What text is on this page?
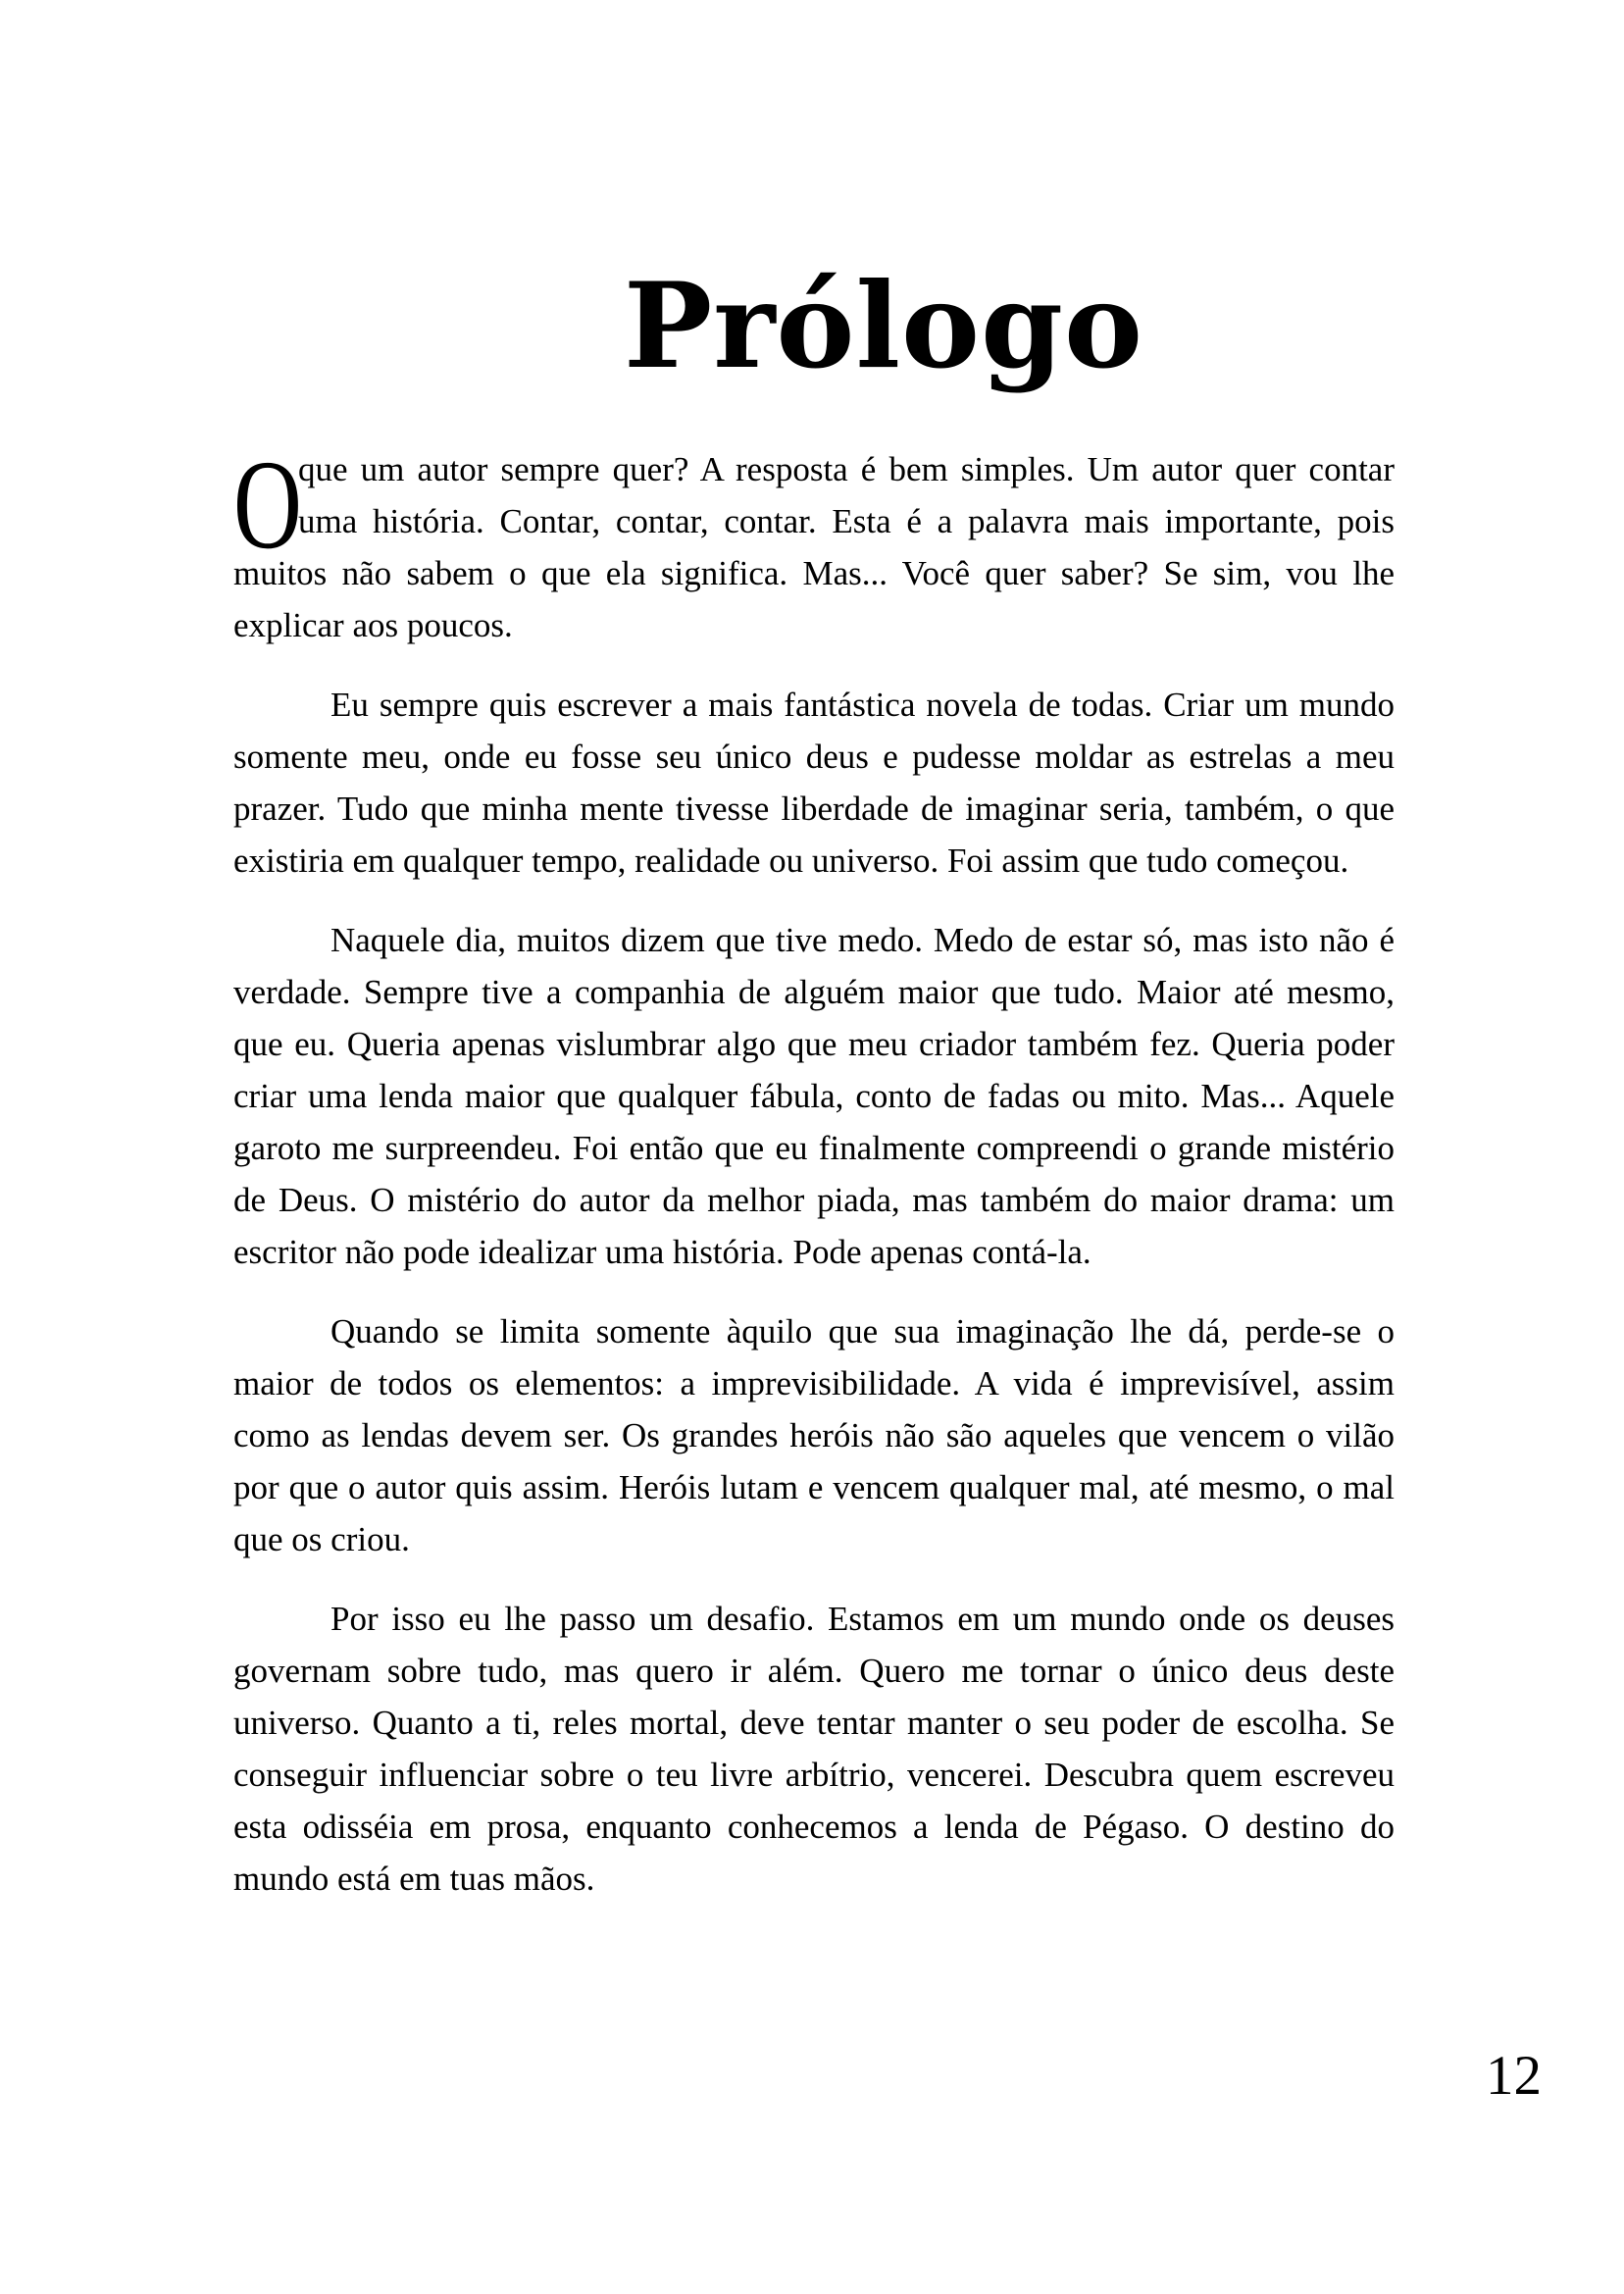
Prólogo

O
que um autor sempre quer? A resposta é bem simples. Um autor quer contar uma história. Contar, contar, contar. Esta é a palavra mais importante, pois muitos não sabem o que ela significa. Mas... Você quer saber? Se sim, vou lhe explicar aos poucos.

Eu sempre quis escrever a mais fantástica novela de todas. Criar um mundo somente meu, onde eu fosse seu único deus e pudesse moldar as estrelas a meu prazer. Tudo que minha mente tivesse liberdade de imaginar seria, também, o que existiria em qualquer tempo, realidade ou universo. Foi assim que tudo começou.

Naquele dia, muitos dizem que tive medo. Medo de estar só, mas isto não é verdade. Sempre tive a companhia de alguém maior que tudo. Maior até mesmo, que eu. Queria apenas vislumbrar algo que meu criador também fez. Queria poder criar uma lenda maior que qualquer fábula, conto de fadas ou mito. Mas... Aquele garoto me surpreendeu. Foi então que eu finalmente compreendi o grande mistério de Deus. O mistério do autor da melhor piada, mas também do maior drama: um escritor não pode idealizar uma história. Pode apenas contá-la.

Quando se limita somente àquilo que sua imaginação lhe dá, perde-se o maior de todos os elementos: a imprevisibilidade. A vida é imprevisível, assim como as lendas devem ser. Os grandes heróis não são aqueles que vencem o vilão por que o autor quis assim. Heróis lutam e vencem qualquer mal, até mesmo, o mal que os criou.

Por isso eu lhe passo um desafio. Estamos em um mundo onde os deuses governam sobre tudo, mas quero ir além. Quero me tornar o único deus deste universo. Quanto a ti, reles mortal, deve tentar manter o seu poder de escolha. Se conseguir influenciar sobre o teu livre arbítrio, vencerei. Descubra quem escreveu esta odisséia em prosa, enquanto conhecemos a lenda de Pégaso. O destino do mundo está em tuas mãos.

12
